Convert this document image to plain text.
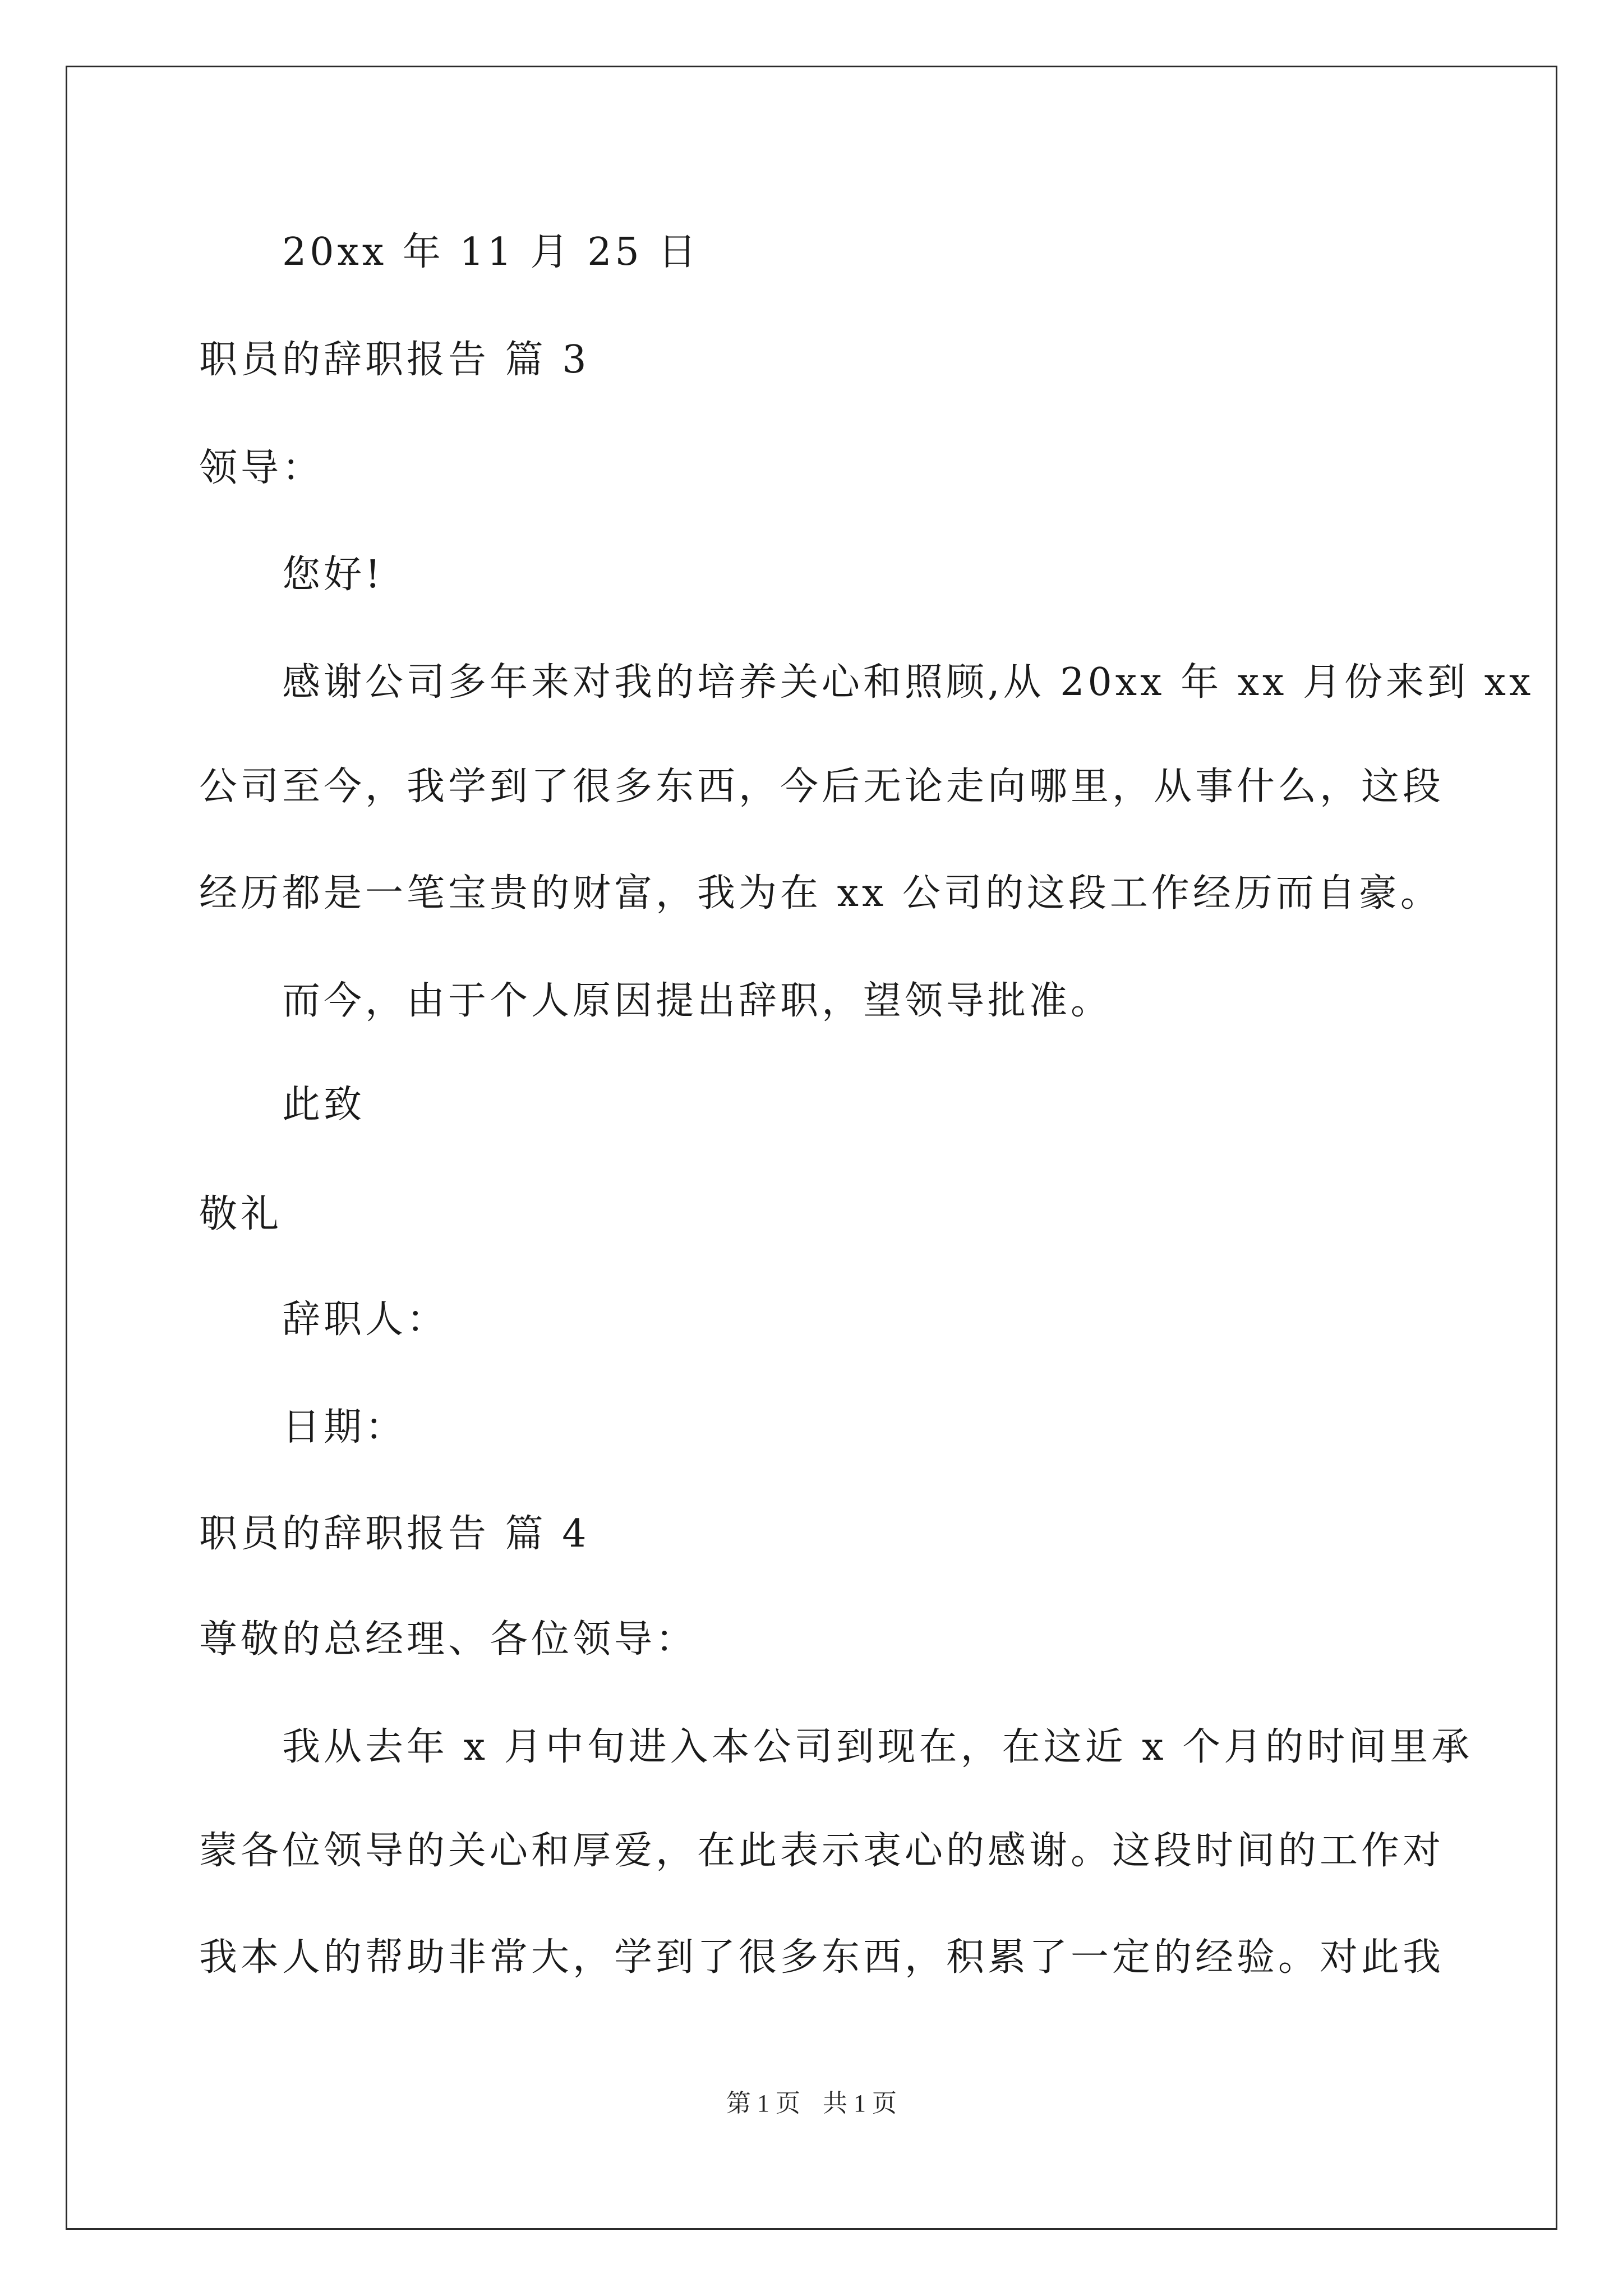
20xx 年 11 月 25 日
职员的辞职报告 篇 3
领导：
您好!
感谢公司多年来对我的培养关心和照顾,从 20xx 年 xx 月份来到 xx
公司至今，我学到了很多东西，今后无论走向哪里，从事什么，这段
经历都是一笔宝贵的财富，我为在 xx 公司的这段工作经历而自豪。
而今，由于个人原因提出辞职，望领导批准。
此致
敬礼
辞职人：
日期：
职员的辞职报告 篇 4
尊敬的总经理、各位领导：
我从去年 x 月中旬进入本公司到现在，在这近 x 个月的时间里承
蒙各位领导的关心和厚爱，在此表示衷心的感谢。这段时间的工作对
我本人的帮助非常大，学到了很多东西，积累了一定的经验。对此我
第 1 页 共 1 页
